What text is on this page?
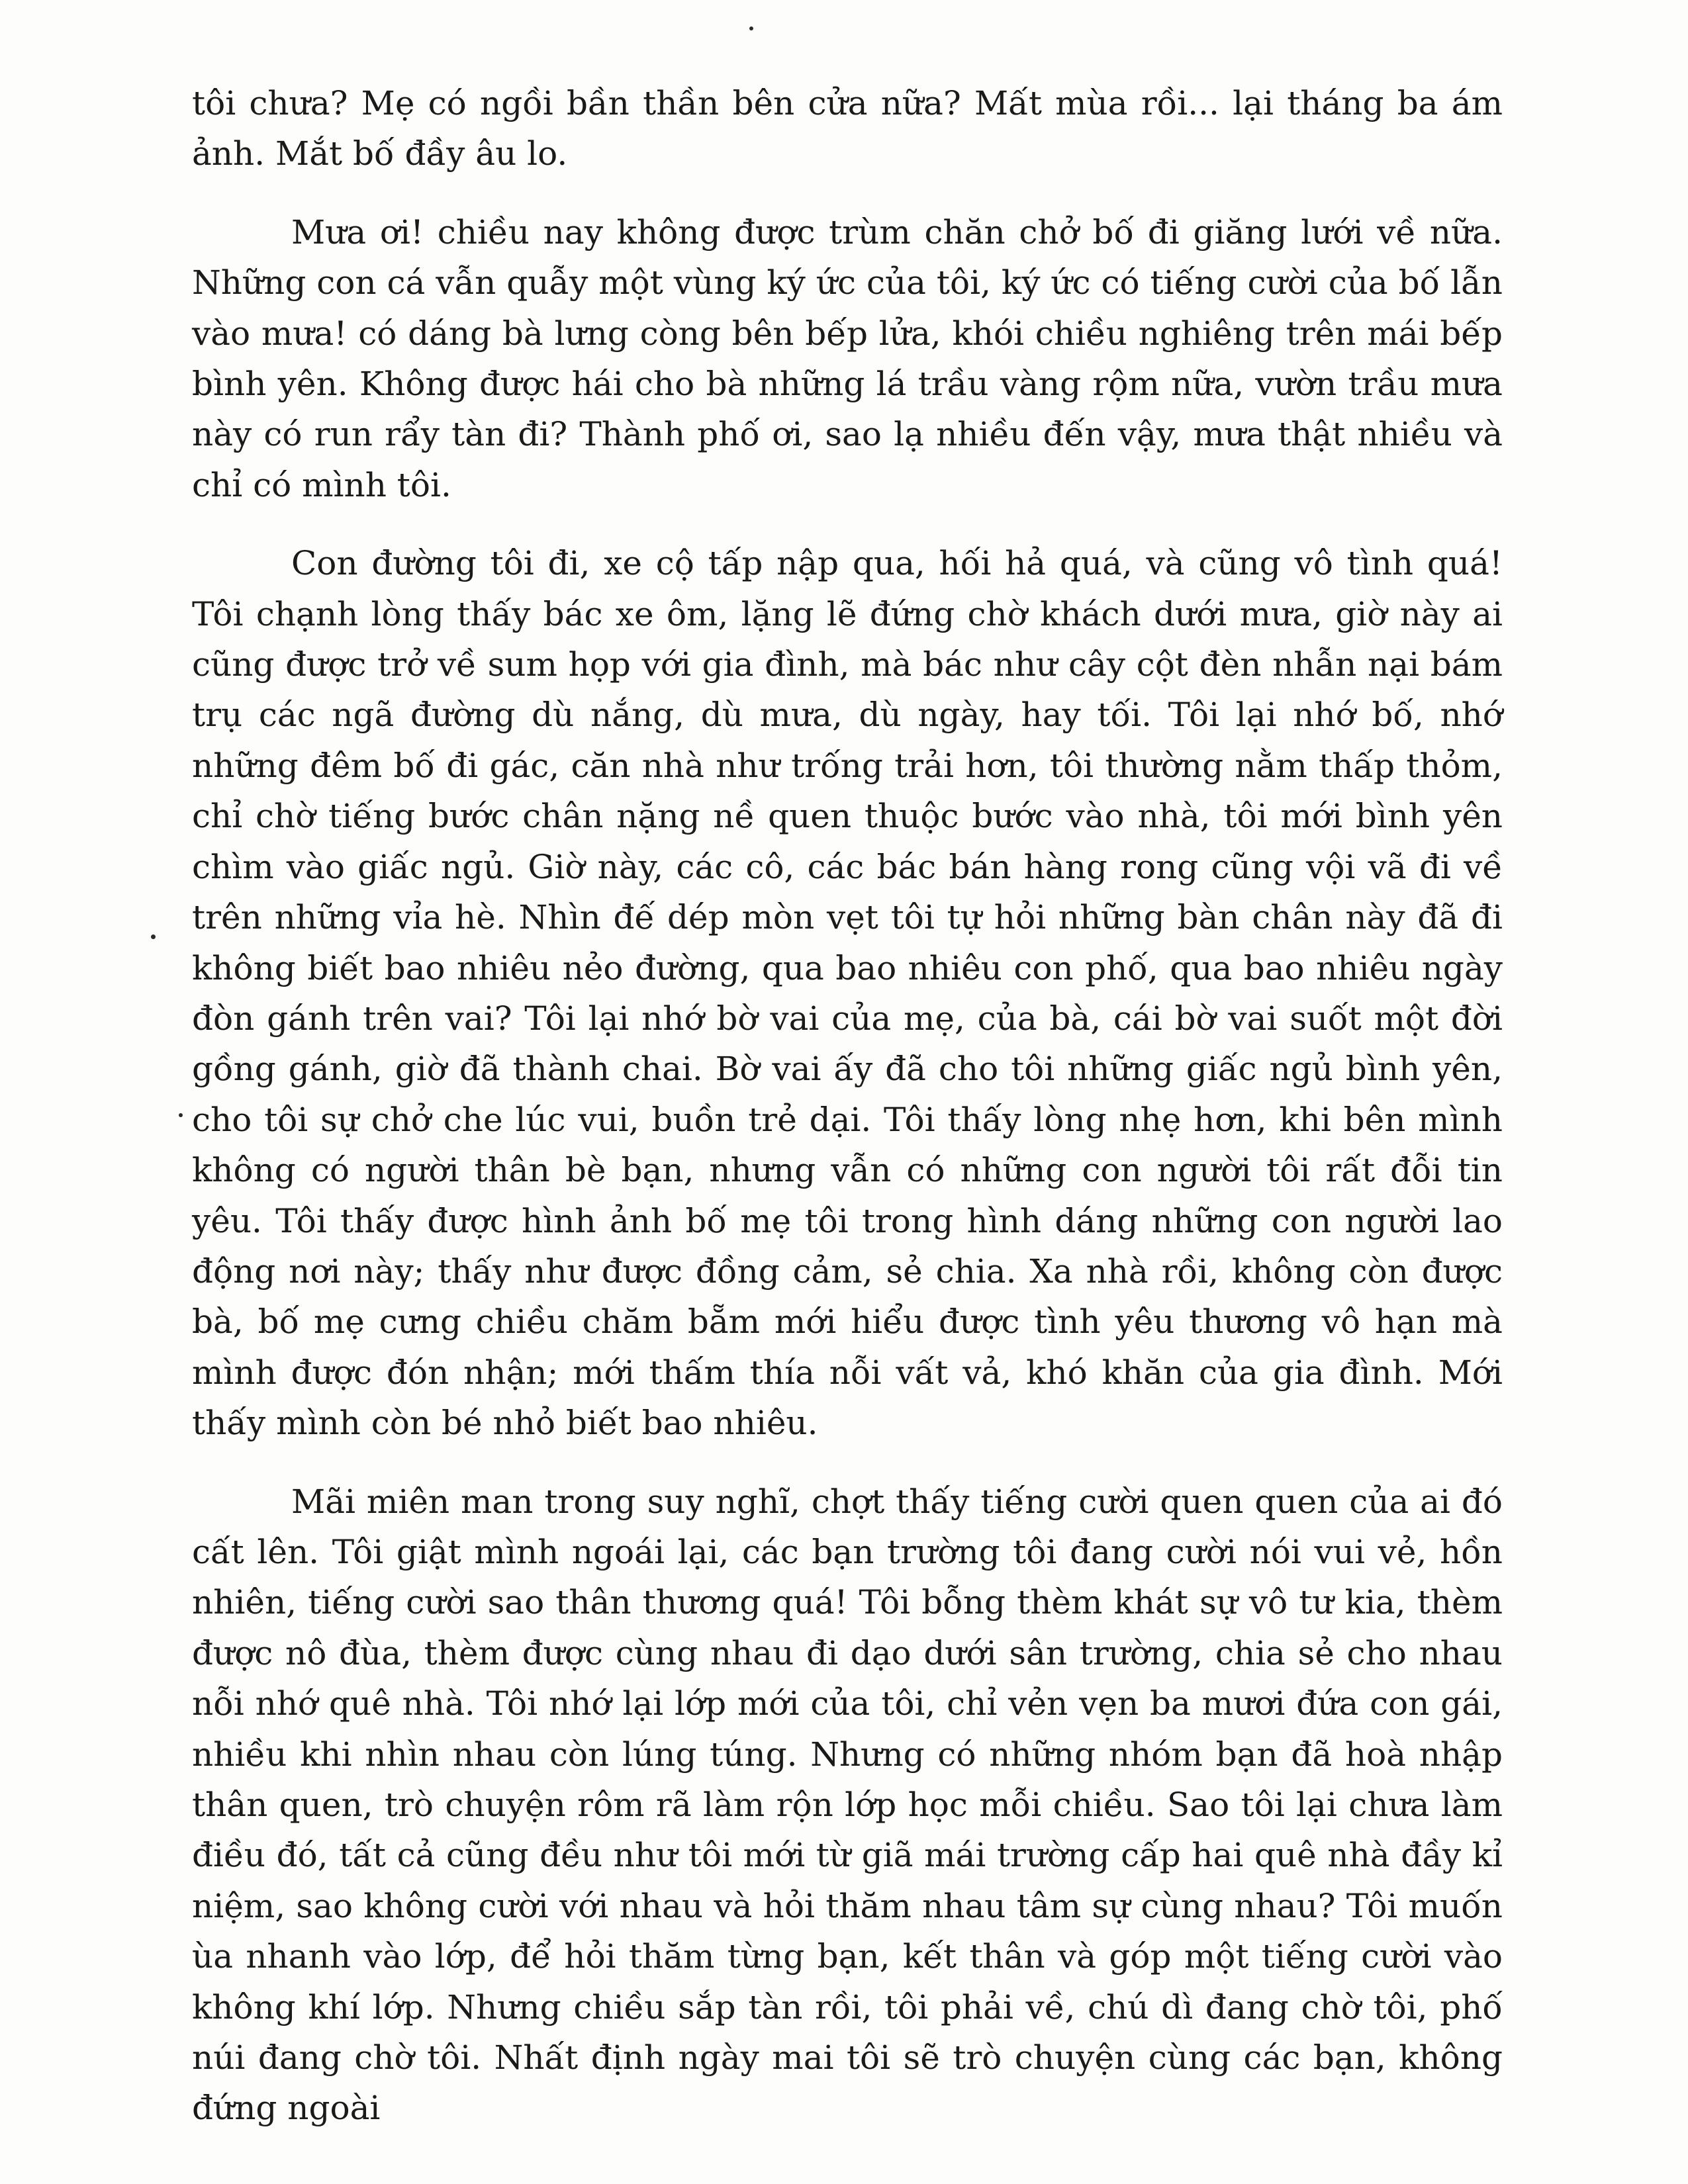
tôi chưa? Mẹ có ngồi bần thần bên cửa nữa? Mất mùa rồi... lại tháng ba ám ảnh. Mắt bố đầy âu lo.

Mưa ơi! chiều nay không được trùm chăn chở bố đi giăng lưới về nữa. Những con cá vẫn quẫy một vùng ký ức của tôi, ký ức có tiếng cười của bố lẫn vào mưa! có dáng bà lưng còng bên bếp lửa, khói chiều nghiêng trên mái bếp bình yên. Không được hái cho bà những lá trầu vàng rộm nữa, vườn trầu mưa này có run rẩy tàn đi? Thành phố ơi, sao lạ nhiều đến vậy, mưa thật nhiều và chỉ có mình tôi.

Con đường tôi đi, xe cộ tấp nập qua, hối hả quá, và cũng vô tình quá! Tôi chạnh lòng thấy bác xe ôm, lặng lẽ đứng chờ khách dưới mưa, giờ này ai cũng được trở về sum họp với gia đình, mà bác như cây cột đèn nhẫn nại bám trụ các ngã đường dù nắng, dù mưa, dù ngày, hay tối. Tôi lại nhớ bố, nhớ những đêm bố đi gác, căn nhà như trống trải hơn, tôi thường nằm thấp thỏm, chỉ chờ tiếng bước chân nặng nề quen thuộc bước vào nhà, tôi mới bình yên chìm vào giấc ngủ. Giờ này, các cô, các bác bán hàng rong cũng vội vã đi về trên những vỉa hè. Nhìn đế dép mòn vẹt tôi tự hỏi những bàn chân này đã đi không biết bao nhiêu nẻo đường, qua bao nhiêu con phố, qua bao nhiêu ngày đòn gánh trên vai? Tôi lại nhớ bờ vai của mẹ, của bà, cái bờ vai suốt một đời gồng gánh, giờ đã thành chai. Bờ vai ấy đã cho tôi những giấc ngủ bình yên, cho tôi sự chở che lúc vui, buồn trẻ dại. Tôi thấy lòng nhẹ hơn, khi bên mình không có người thân bè bạn, nhưng vẫn có những con người tôi rất đỗi tin yêu. Tôi thấy được hình ảnh bố mẹ tôi trong hình dáng những con người lao động nơi này; thấy như được đồng cảm, sẻ chia. Xa nhà rồi, không còn được bà, bố mẹ cưng chiều chăm bẵm mới hiểu được tình yêu thương vô hạn mà mình được đón nhận; mới thấm thía nỗi vất vả, khó khăn của gia đình. Mới thấy mình còn bé nhỏ biết bao nhiêu.

Mãi miên man trong suy nghĩ, chợt thấy tiếng cười quen quen của ai đó cất lên. Tôi giật mình ngoái lại, các bạn trường tôi đang cười nói vui vẻ, hồn nhiên, tiếng cười sao thân thương quá! Tôi bỗng thèm khát sự vô tư kia, thèm được nô đùa, thèm được cùng nhau đi dạo dưới sân trường, chia sẻ cho nhau nỗi nhớ quê nhà. Tôi nhớ lại lớp mới của tôi, chỉ vẻn vẹn ba mươi đứa con gái, nhiều khi nhìn nhau còn lúng túng. Nhưng có những nhóm bạn đã hoà nhập thân quen, trò chuyện rôm rã làm rộn lớp học mỗi chiều. Sao tôi lại chưa làm điều đó, tất cả cũng đều như tôi mới từ giã mái trường cấp hai quê nhà đầy kỉ niệm, sao không cười với nhau và hỏi thăm nhau tâm sự cùng nhau? Tôi muốn ùa nhanh vào lớp, để hỏi thăm từng bạn, kết thân và góp một tiếng cười vào không khí lớp. Nhưng chiều sắp tàn rồi, tôi phải về, chú dì đang chờ tôi, phố núi đang chờ tôi. Nhất định ngày mai tôi sẽ trò chuyện cùng các bạn, không đứng ngoài
